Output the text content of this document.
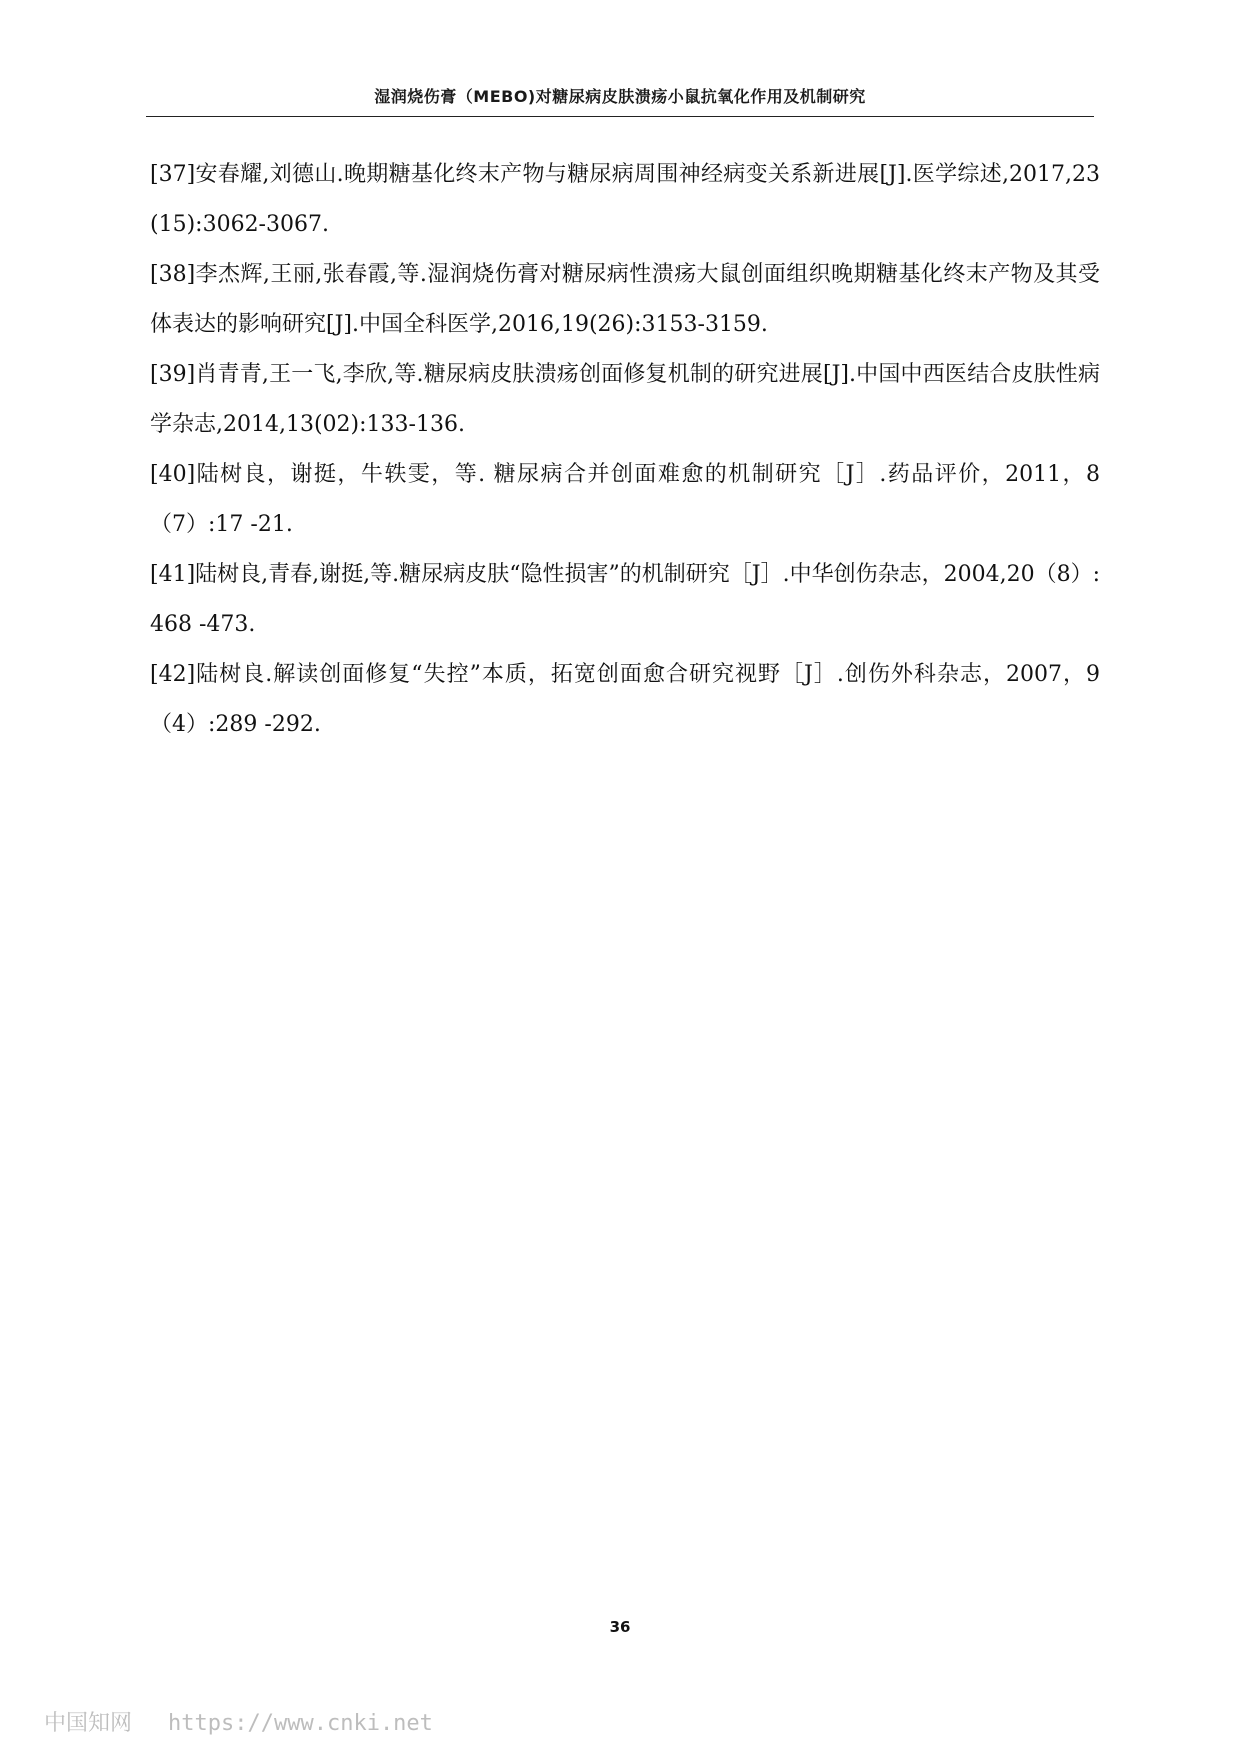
湿润烧伤膏（MEBO)对糖尿病皮肤溃疡小鼠抗氧化作用及机制研究
[37]安春耀,刘德山.晚期糖基化终末产物与糖尿病周围神经病变关系新进展[J].医学综述,2017,23(15):3062-3067.
[38]李杰辉,王丽,张春霞,等.湿润烧伤膏对糖尿病性溃疡大鼠创面组织晚期糖基化终末产物及其受体表达的影响研究[J].中国全科医学,2016,19(26):3153-3159.
[39]肖青青,王一飞,李欣,等.糖尿病皮肤溃疡创面修复机制的研究进展[J].中国中西医结合皮肤性病学杂志,2014,13(02):133-136.
[40]陆树良，谢挺，牛轶雯，等. 糖尿病合并创面难愈的机制研究［J］.药品评价，2011，8（7）:17 -21.
[41]陆树良,青春,谢挺,等.糖尿病皮肤“隐性损害”的机制研究［J］.中华创伤杂志，2004,20（8）:468 -473.
[42]陆树良.解读创面修复“失控”本质，拓宽创面愈合研究视野［J］.创伤外科杂志，2007，9（4）:289 -292.
36
中国知网 https://www.cnki.net
